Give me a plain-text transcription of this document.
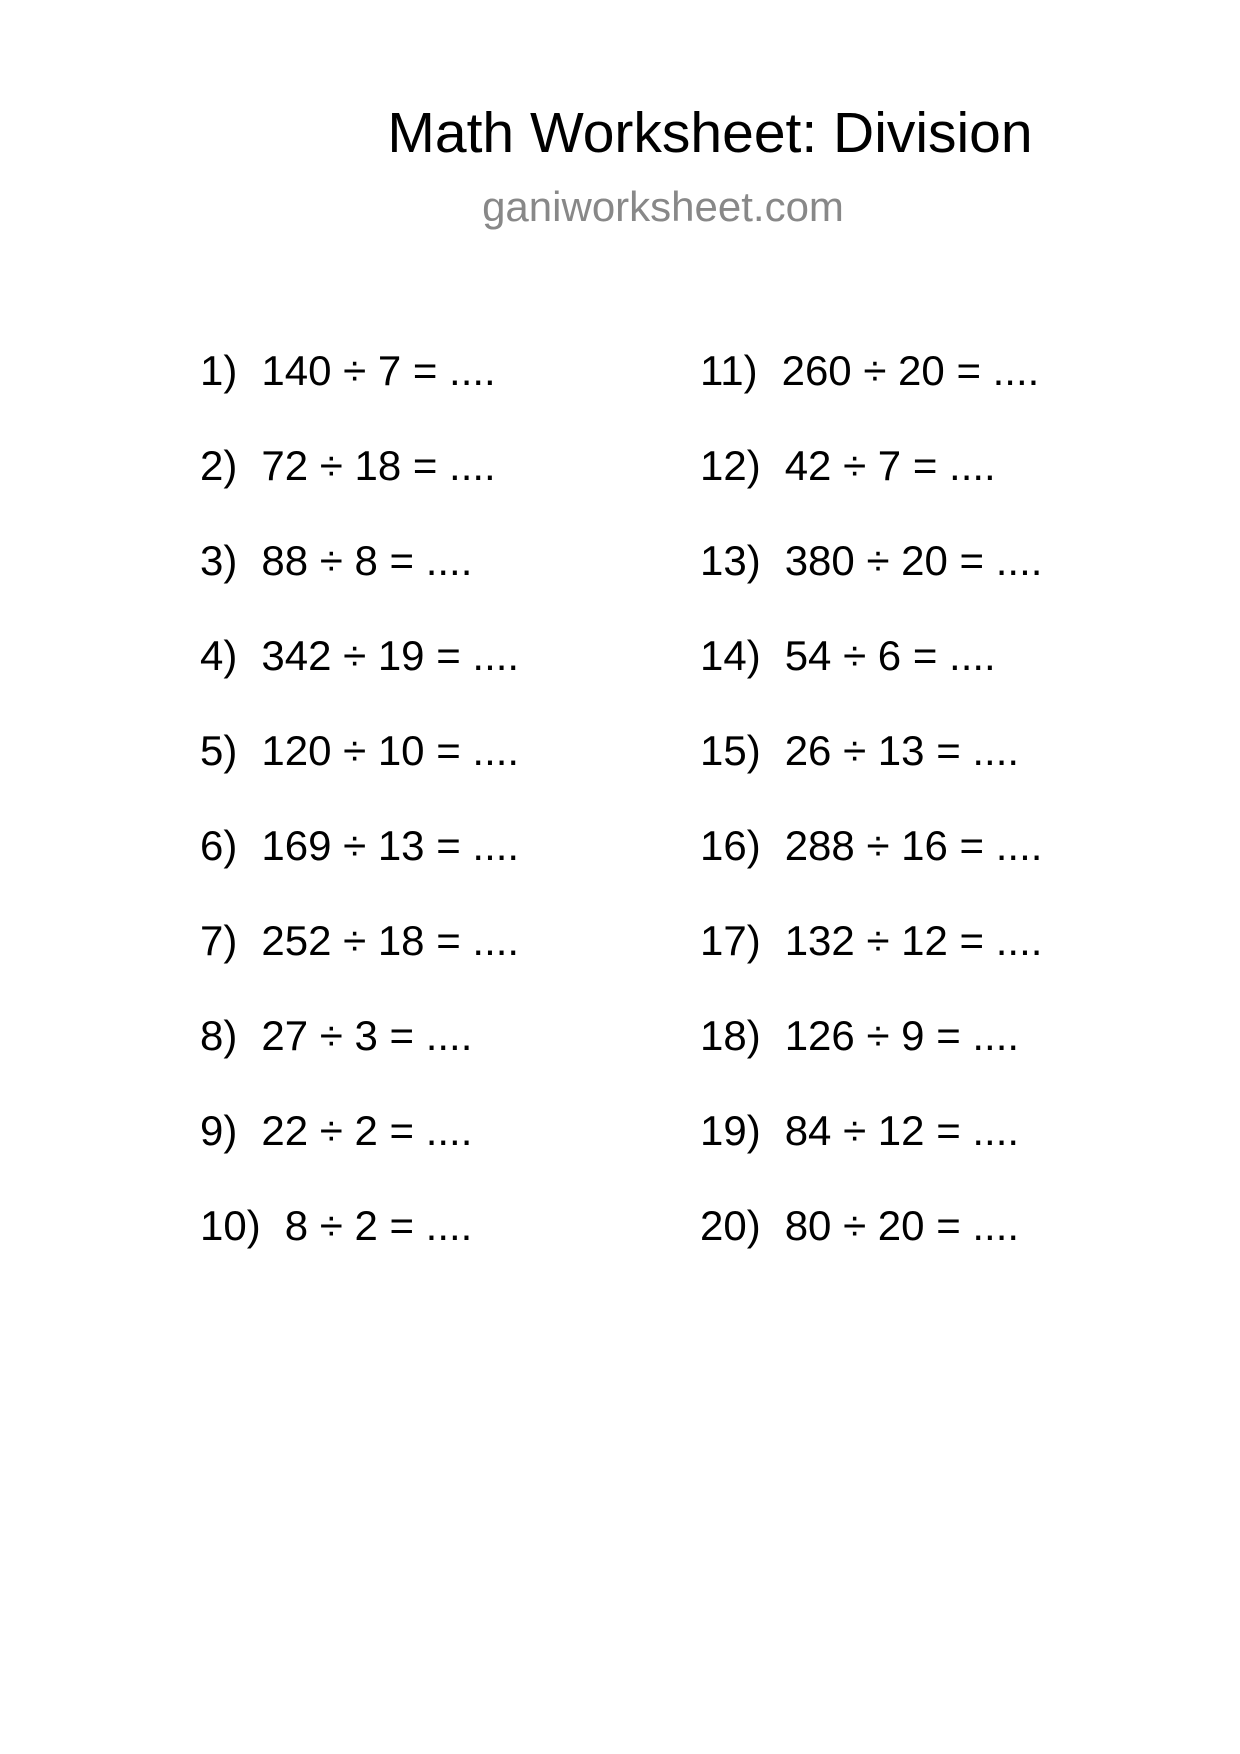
Math Worksheet: Division
ganiworksheet.com
1) 140 ÷ 7 = ....
2) 72 ÷ 18 = ....
3) 88 ÷ 8 = ....
4) 342 ÷ 19 = ....
5) 120 ÷ 10 = ....
6) 169 ÷ 13 = ....
7) 252 ÷ 18 = ....
8) 27 ÷ 3 = ....
9) 22 ÷ 2 = ....
10) 8 ÷ 2 = ....
11) 260 ÷ 20 = ....
12) 42 ÷ 7 = ....
13) 380 ÷ 20 = ....
14) 54 ÷ 6 = ....
15) 26 ÷ 13 = ....
16) 288 ÷ 16 = ....
17) 132 ÷ 12 = ....
18) 126 ÷ 9 = ....
19) 84 ÷ 12 = ....
20) 80 ÷ 20 = ....
